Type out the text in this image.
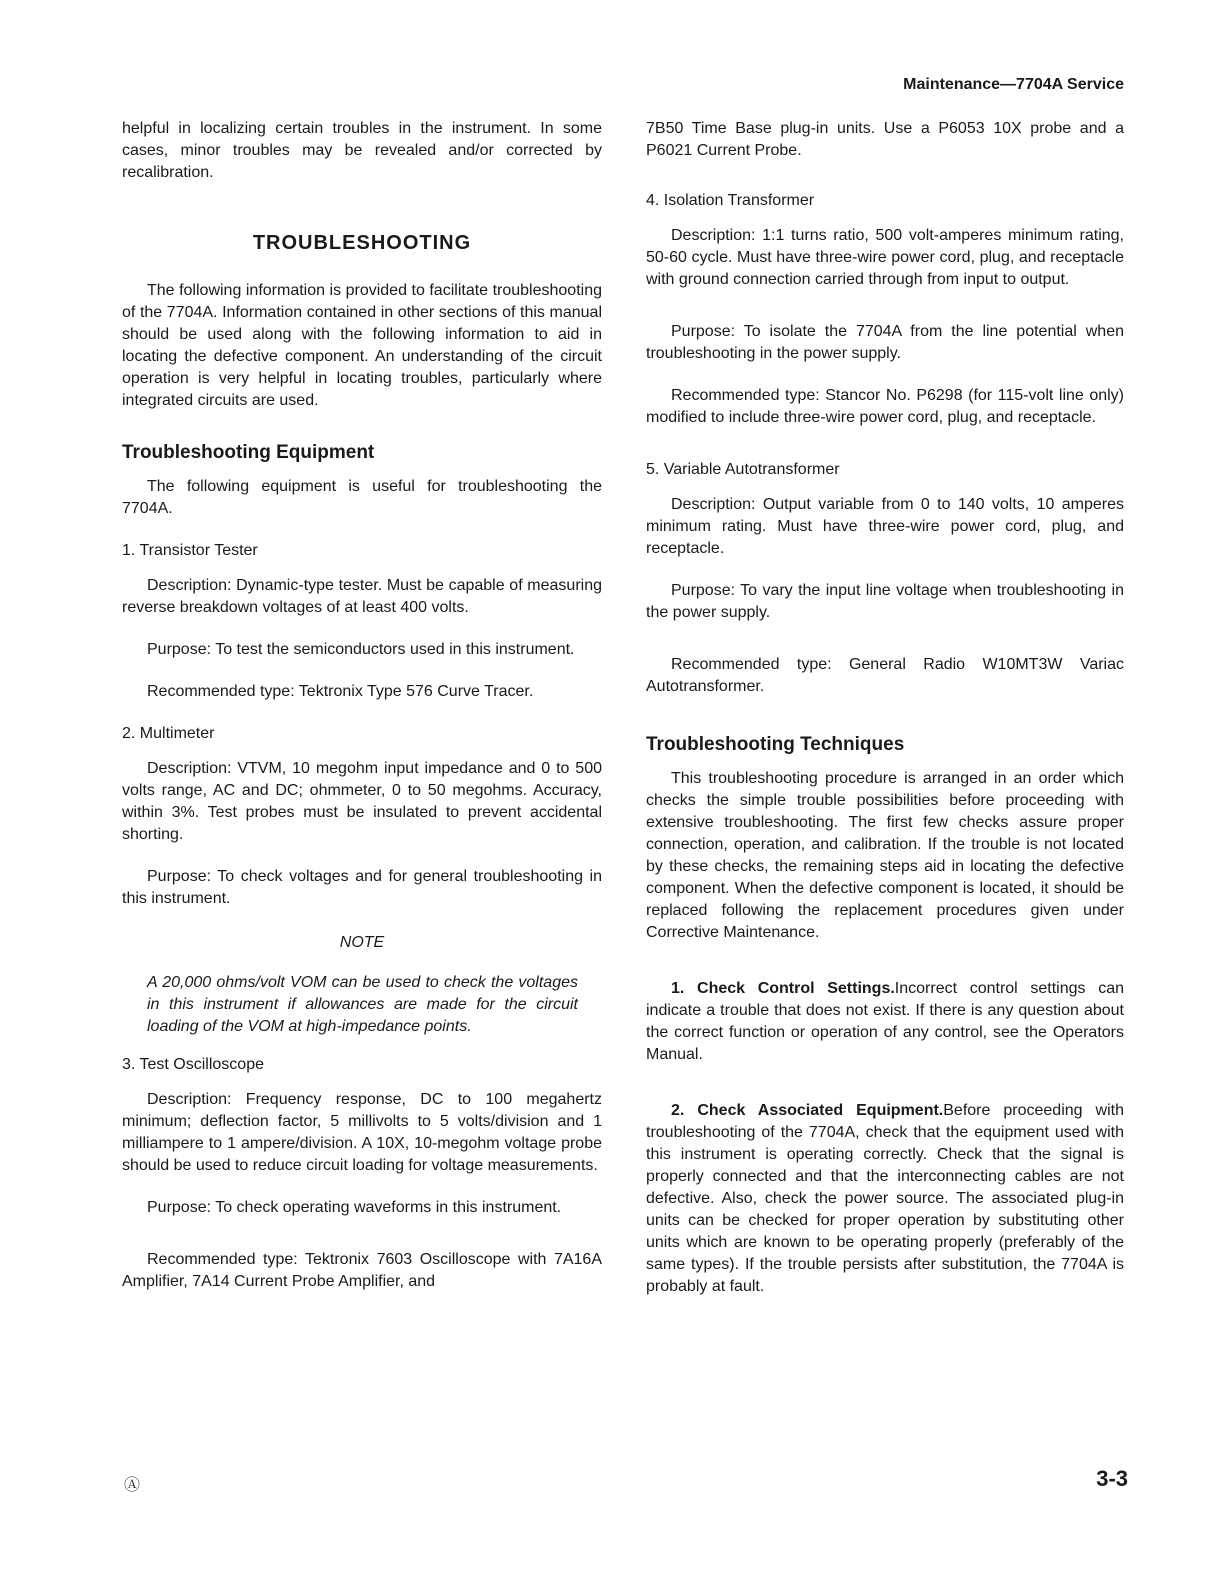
Maintenance—7704A Service

helpful in localizing certain troubles in the instrument. In some cases, minor troubles may be revealed and/or corrected by recalibration.

TROUBLESHOOTING

The following information is provided to facilitate troubleshooting of the 7704A. Information contained in other sections of this manual should be used along with the following information to aid in locating the defective component. An understanding of the circuit operation is very helpful in locating troubles, particularly where integrated circuits are used.

Troubleshooting Equipment

The following equipment is useful for troubleshooting the 7704A.

1. Transistor Tester

Description: Dynamic-type tester. Must be capable of measuring reverse breakdown voltages of at least 400 volts.

Purpose: To test the semiconductors used in this instrument.

Recommended type: Tektronix Type 576 Curve Tracer.

2. Multimeter

Description: VTVM, 10 megohm input impedance and 0 to 500 volts range, AC and DC; ohmmeter, 0 to 50 megohms. Accuracy, within 3%. Test probes must be insulated to prevent accidental shorting.

Purpose: To check voltages and for general troubleshooting in this instrument.

NOTE

A 20,000 ohms/volt VOM can be used to check the voltages in this instrument if allowances are made for the circuit loading of the VOM at high-impedance points.

3. Test Oscilloscope

Description: Frequency response, DC to 100 megahertz minimum; deflection factor, 5 millivolts to 5 volts/division and 1 milliampere to 1 ampere/division. A 10X, 10-megohm voltage probe should be used to reduce circuit loading for voltage measurements.

Purpose: To check operating waveforms in this instrument.

Recommended type: Tektronix 7603 Oscilloscope with 7A16A Amplifier, 7A14 Current Probe Amplifier, and

7B50 Time Base plug-in units. Use a P6053 10X probe and a P6021 Current Probe.

4. Isolation Transformer

Description: 1:1 turns ratio, 500 volt-amperes minimum rating, 50-60 cycle. Must have three-wire power cord, plug, and receptacle with ground connection carried through from input to output.

Purpose: To isolate the 7704A from the line potential when troubleshooting in the power supply.

Recommended type: Stancor No. P6298 (for 115-volt line only) modified to include three-wire power cord, plug, and receptacle.

5. Variable Autotransformer

Description: Output variable from 0 to 140 volts, 10 amperes minimum rating. Must have three-wire power cord, plug, and receptacle.

Purpose: To vary the input line voltage when troubleshooting in the power supply.

Recommended type: General Radio W10MT3W Variac Autotransformer.

Troubleshooting Techniques

This troubleshooting procedure is arranged in an order which checks the simple trouble possibilities before proceeding with extensive troubleshooting. The first few checks assure proper connection, operation, and calibration. If the trouble is not located by these checks, the remaining steps aid in locating the defective component. When the defective component is located, it should be replaced following the replacement procedures given under Corrective Maintenance.

1. Check Control Settings.Incorrect control settings can indicate a trouble that does not exist. If there is any question about the correct function or operation of any control, see the Operators Manual.

2. Check Associated Equipment.Before proceeding with troubleshooting of the 7704A, check that the equipment used with this instrument is operating correctly. Check that the signal is properly connected and that the interconnecting cables are not defective. Also, check the power source. The associated plug-in units can be checked for proper operation by substituting other units which are known to be operating properly (preferably of the same types). If the trouble persists after substitution, the 7704A is probably at fault.

Ⓐ	3-3
